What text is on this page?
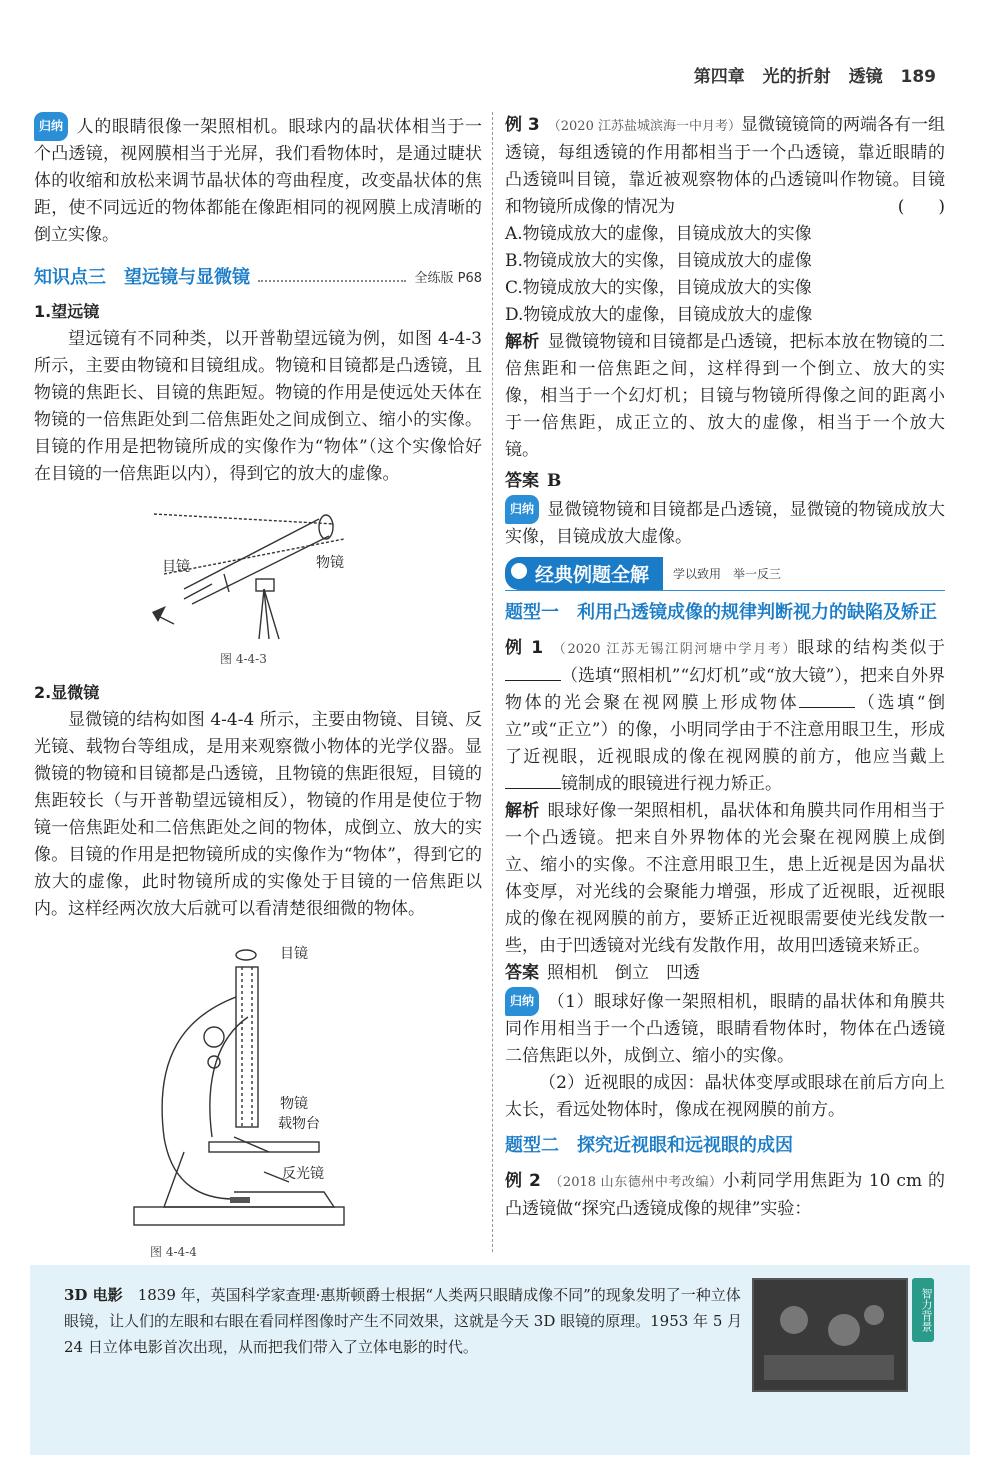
第四章 光的折射 透镜 189

归纳 人的眼睛很像一架照相机。眼球内的晶状体相当于一个凸透镜，视网膜相当于光屏，我们看物体时，是通过睫状体的收缩和放松来调节晶状体的弯曲程度，改变晶状体的焦距，使不同远近的物体都能在像距相同的视网膜上成清晰的倒立实像。

知识点三　望远镜与显微镜	全练版 P68
1.望远镜

望远镜有不同种类，以开普勒望远镜为例，如图 4-4-3 所示，主要由物镜和目镜组成。物镜和目镜都是凸透镜，且物镜的焦距长、目镜的焦距短。物镜的作用是使远处天体在物镜的一倍焦距处到二倍焦距处之间成倒立、缩小的实像。目镜的作用是把物镜所成的实像作为“物体”（这个实像恰好在目镜的一倍焦距以内），得到它的放大的虚像。

目镜	物镜
图 4-4-3
2.显微镜

显微镜的结构如图 4-4-4 所示，主要由物镜、目镜、反光镜、载物台等组成，是用来观察微小物体的光学仪器。显微镜的物镜和目镜都是凸透镜，且物镜的焦距很短，目镜的焦距较长（与开普勒望远镜相反），物镜的作用是使位于物镜一倍焦距处和二倍焦距处之间的物体，成倒立、放大的实像。目镜的作用是把物镜所成的实像作为“物体”，得到它的放大的虚像，此时物镜所成的实像处于目镜的一倍焦距以内。这样经两次放大后就可以看清楚很细微的物体。

目镜
物镜
载物台
反光镜
图 4-4-4

例 3 （2020 江苏盐城滨海一中月考）显微镜镜筒的两端各有一组透镜，每组透镜的作用都相当于一个凸透镜，靠近眼睛的凸透镜叫目镜，靠近被观察物体的凸透镜叫作物镜。目镜和物镜所成像的情况为	(　　)

A.物镜成放大的虚像，目镜成放大的实像

B.物镜成放大的实像，目镜成放大的虚像

C.物镜成放大的实像，目镜成放大的实像

D.物镜成放大的虚像，目镜成放大的虚像

解析 显微镜物镜和目镜都是凸透镜，把标本放在物镜的二倍焦距和一倍焦距之间，这样得到一个倒立、放大的实像，相当于一个幻灯机；目镜与物镜所得像之间的距离小于一倍焦距，成正立的、放大的虚像，相当于一个放大镜。

答案 B

归纳 显微镜物镜和目镜都是凸透镜，显微镜的物镜成放大实像，目镜成放大虚像。

经典例题全解	学以致用　举一反三
题型一 利用凸透镜成像的规律判断视力的缺陷及矫正

例 1 （2020 江苏无锡江阴河塘中学月考）眼球的结构类似于（选填“照相机”“幻灯机”或“放大镜”），把来自外界物体的光会聚在视网膜上形成物体	（选填“倒立”或“正立”）的像，小明同学由于不注意用眼卫生，形成了近视眼，近视眼成的像在视网膜的前方，他应当戴上镜制成的眼镜进行视力矫正。

解析 眼球好像一架照相机，晶状体和角膜共同作用相当于一个凸透镜。把来自外界物体的光会聚在视网膜上成倒立、缩小的实像。不注意用眼卫生，患上近视是因为晶状体变厚，对光线的会聚能力增强，形成了近视眼，近视眼成的像在视网膜的前方，要矫正近视眼需要使光线发散一些，由于凹透镜对光线有发散作用，故用凹透镜来矫正。

答案 照相机　倒立　凹透

归纳 （1）眼球好像一架照相机，眼睛的晶状体和角膜共同作用相当于一个凸透镜，眼睛看物体时，物体在凸透镜二倍焦距以外，成倒立、缩小的实像。

（2）近视眼的成因：晶状体变厚或眼球在前后方向上太长，看远处物体时，像成在视网膜的前方。

题型二 探究近视眼和远视眼的成因

例 2 （2018 山东德州中考改编）小莉同学用焦距为 10 cm 的凸透镜做“探究凸透镜成像的规律”实验：

3D 电影　 1839 年，英国科学家查理·惠斯顿爵士根据“人类两只眼睛成像不同”的现象发明了一种立体眼镜，让人们的左眼和右眼在看同样图像时产生不同效果，这就是今天 3D 眼镜的原理。1953 年 5 月 24 日立体电影首次出现，从而把我们带入了立体电影的时代。
智力背景
